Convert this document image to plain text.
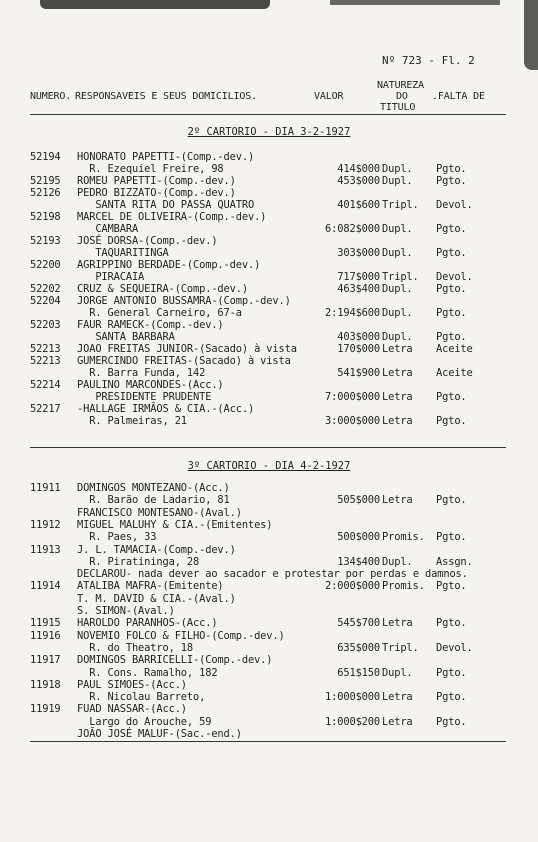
Nº 723 - Fl. 2
NUMERO. RESPONSAVEIS E SEUS DOMICILIOS.	VALOR
NATUREZA
DO
TITULO
.FALTA DE
2º CARTORIO - DIA 3-2-1927
52194 HONORATO PAPETTI-(Comp.-dev.)
R. Ezequiel Freire, 98	414$000 Dupl. Pgto.
52195 ROMEU PAPETTI-(Comp.-dev.)	453$000 Dupl. Pgto.
52126 PEDRO BIZZATO-(Comp.-dev.)
SANTA RITA DO PASSA QUATRO	401$600 Tripl. Devol.
52198 MARCEL DE OLIVEIRA-(Comp.-dev.)
CAMBARA	6:082$000 Dupl. Pgto.
52193 JOSÉ DORSA-(Comp.-dev.)
TAQUARITINGA	303$000 Dupl. Pgto.
52200 AGRIPPINO BERDADE-(Comp.-dev.)
PIRACAIA	717$000 Tripl. Devol.
52202 CRUZ & SEQUEIRA-(Comp.-dev.)	463$400 Dupl. Pgto.
52204 JORGE ANTONIO BUSSAMRA-(Comp.-dev.)
R. General Carneiro, 67-a	2:194$600 Dupl. Pgto.
52203 FAUR RAMECK-(Comp.-dev.)
SANTA BARBARA	403$000 Dupl. Pgto.
52213 JOAO FREITAS JUNIOR-(Sacado) à vista	170$000 Letra Aceite
52213 GUMERCINDO FREITAS-(Sacado) à vista
R. Barra Funda, 142	541$900 Letra Aceite
52214 PAULINO MARCONDES-(Acc.)
PRESIDENTE PRUDENTE	7:000$000 Letra Pgto.
52217 -HALLAGE IRMÃOS & CIA.-(Acc.)
R. Palmeiras, 21	3:000$000 Letra Pgto.
3º CARTORIO - DIA 4-2-1927
11911 DOMINGOS MONTEZANO-(Acc.)
R. Barão de Ladario, 81	505$000 Letra Pgto.
FRANCISCO MONTESANO-(Aval.)
11912 MIGUEL MALUHY & CIA.-(Emitentes)
R. Paes, 33	500$000 Promis. Pgto.
11913 J. L. TAMACIA-(Comp.-dev.)
R. Piratininga, 28	134$400 Dupl. Assgn.
DECLAROU- nada dever ao sacador e protestar por perdas e damnos.
11914 ATALIBA MAFRA-(Emitente)	2:000$000 Promis. Pgto.
T. M. DAVID & CIA.-(Aval.)
S. SIMON-(Aval.)
11915 HAROLDO PARANHOS-(Acc.)	545$700 Letra Pgto.
11916 NOVEMIO FOLCO & FILHO-(Comp.-dev.)
R. do Theatro, 18	635$000 Tripl. Devol.
11917 DOMINGOS BARRICELLI-(Comp.-dev.)
R. Cons. Ramalho, 182	651$150 Dupl. Pgto.
11918 PAUL SIMOES-(Acc.)
R. Nicolau Barreto,	1:000$000 Letra Pgto.
11919 FUAD NASSAR-(Acc.)
Largo do Arouche, 59	1:000$200 Letra Pgto.
JOÃO JOSÉ MALUF-(Sac.-end.)
